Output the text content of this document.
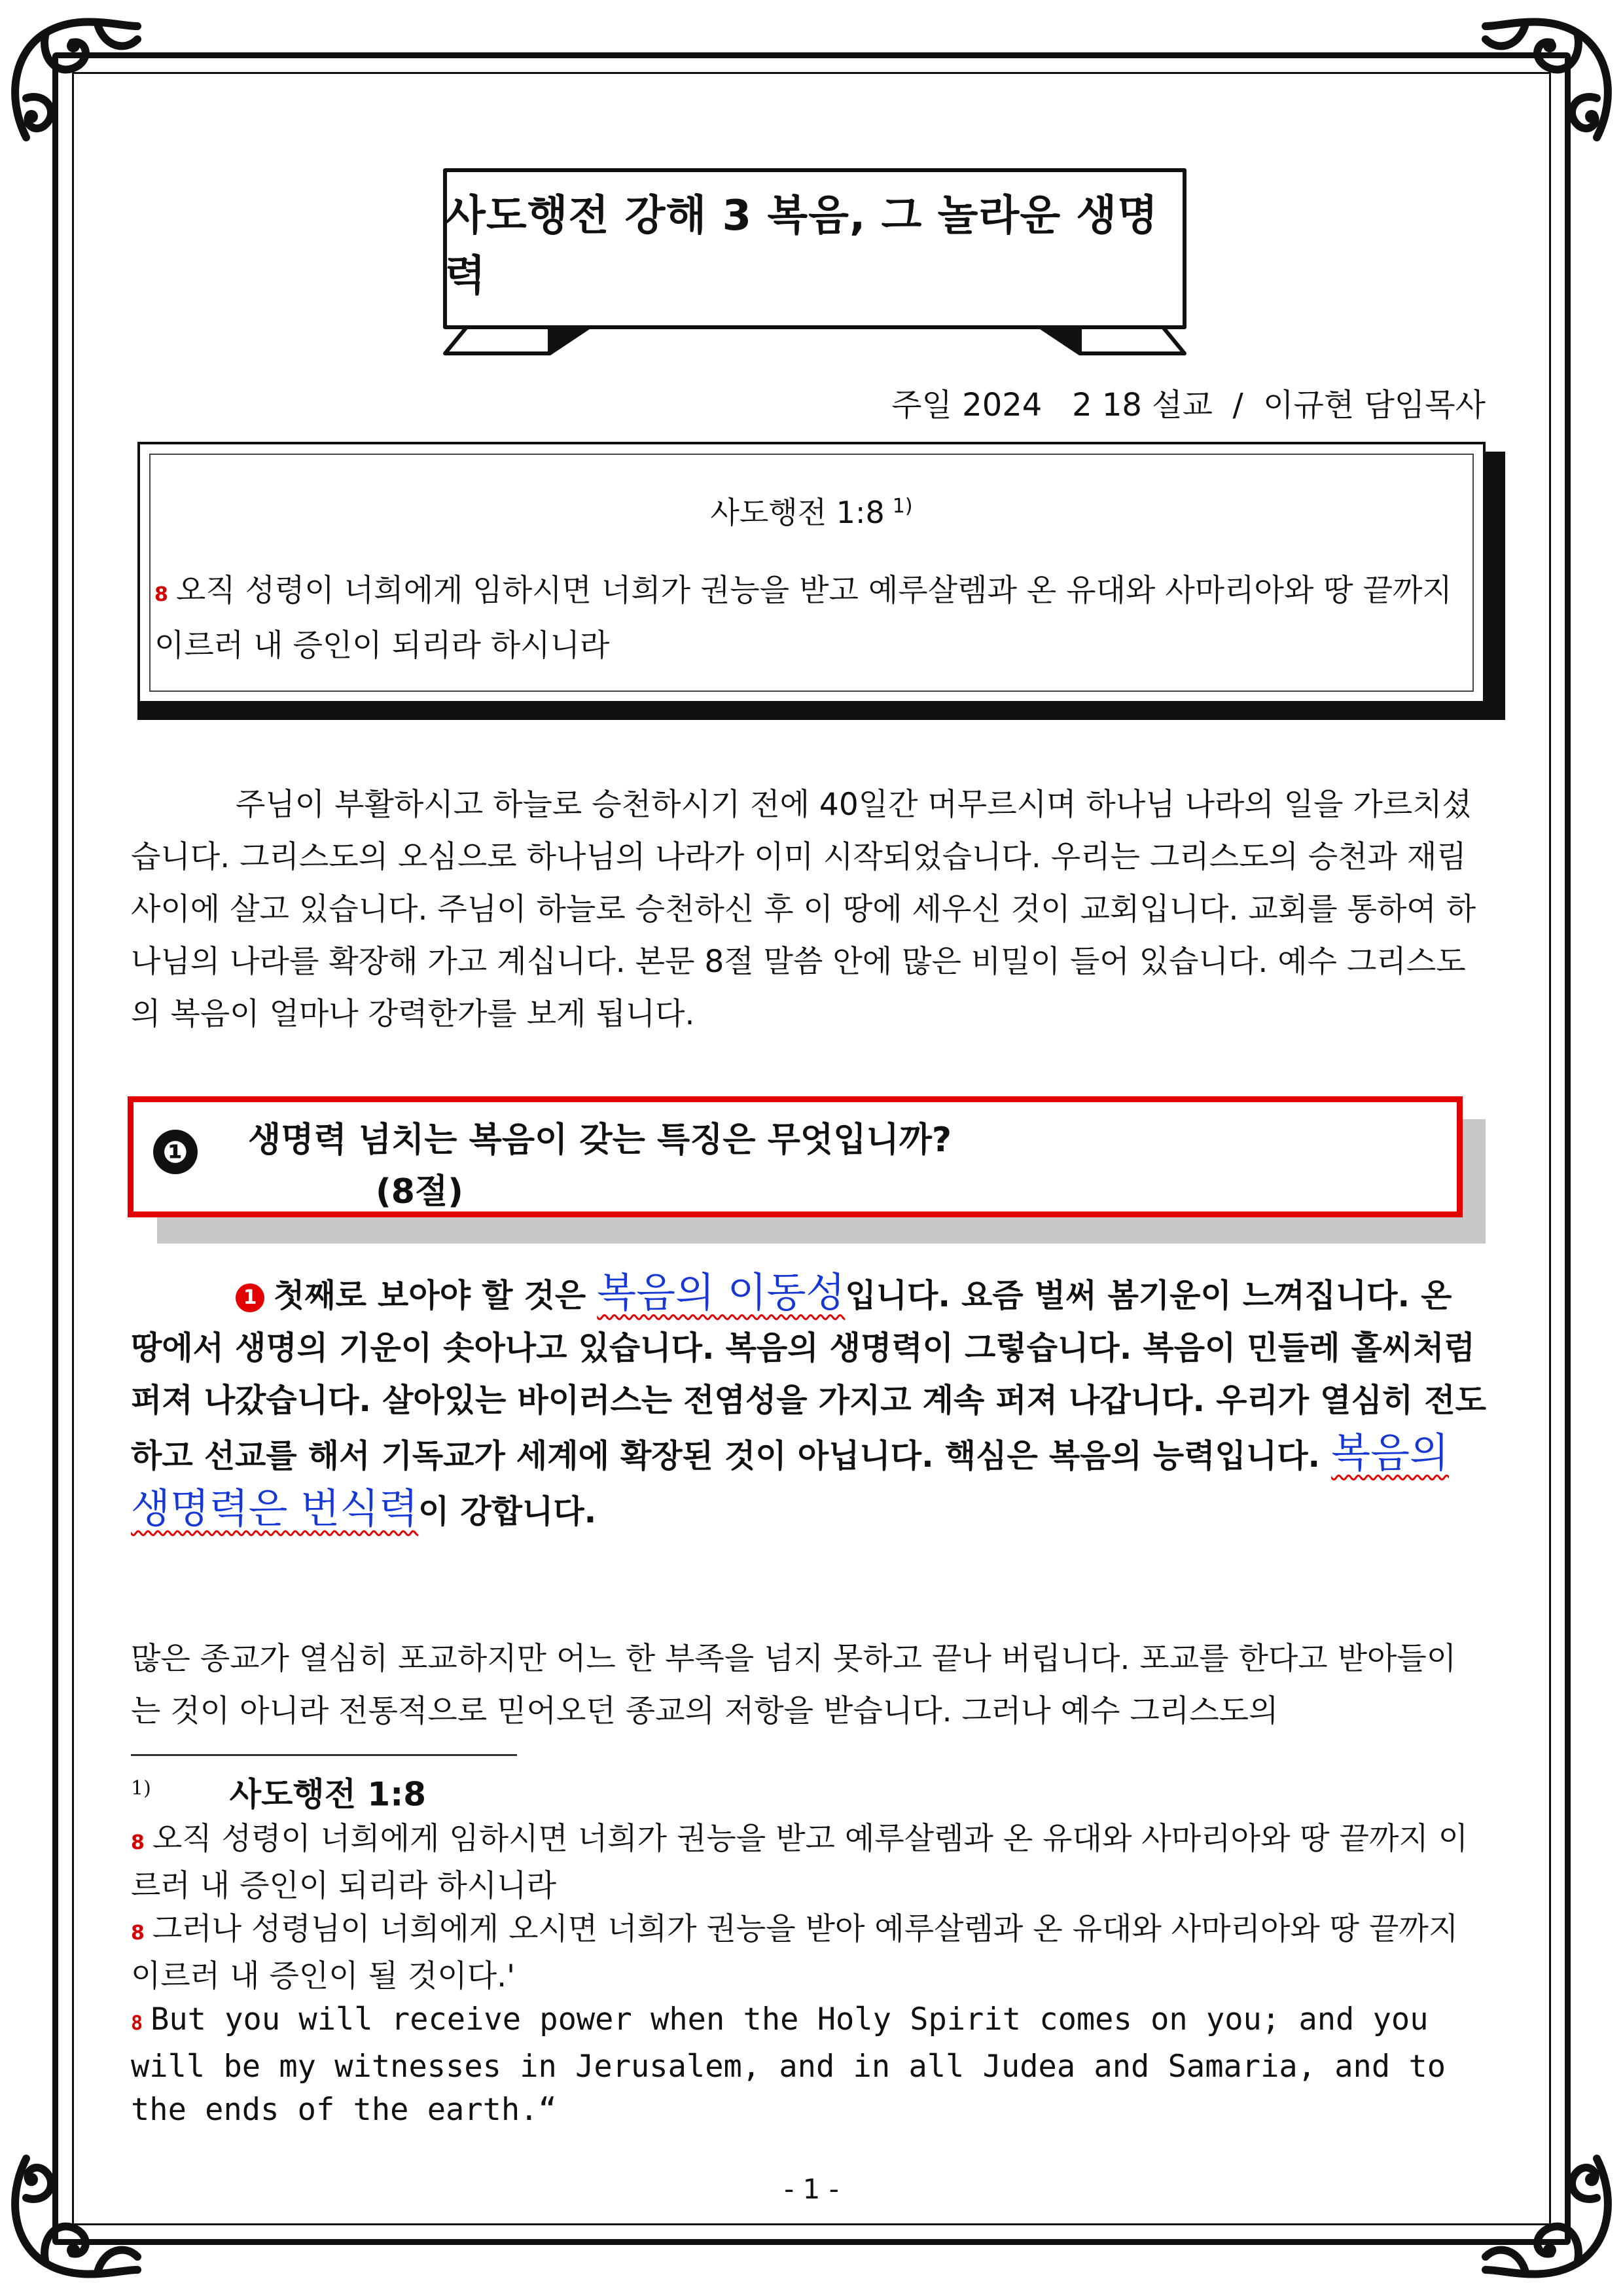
사도행전 강해 3 복음, 그 놀라운 생명력
주일 2024   2 18 설교  /  이규현 담임목사
사도행전 1:8 $^{1)}$
8 오직 성령이 너희에게 임하시면 너희가 권능을 받고 예루살렘과 온 유대와 사마리아와 땅 끝까지 이르러 내 증인이 되리라 하시니라
주님이 부활하시고 하늘로 승천하시기 전에 40일간 머무르시며 하나님 나라의 일을 가르치셨습니다. 그리스도의 오심으로 하나님의 나라가 이미 시작되었습니다. 우리는 그리스도의 승천과 재림 사이에 살고 있습니다. 주님이 하늘로 승천하신 후 이 땅에 세우신 것이 교회입니다. 교회를 통하여 하나님의 나라를 확장해 가고 계십니다. 본문 8절 말씀 안에 많은 비밀이 들어 있습니다. 예수 그리스도의 복음이 얼마나 강력한가를 보게 됩니다.
❶ 생명력 넘치는 복음이 갖는 특징은 무엇입니까?
(8절)
1 첫째로 보아야 할 것은 복음의 이동성입니다. 요즘 벌써 봄기운이 느껴집니다. 온 땅에서 생명의 기운이 솟아나고 있습니다. 복음의 생명력이 그렇습니다. 복음이 민들레 홀씨처럼 퍼져 나갔습니다. 살아있는 바이러스는 전염성을 가지고 계속 퍼져 나갑니다. 우리가 열심히 전도하고 선교를 해서 기독교가 세계에 확장된 것이 아닙니다. 핵심은 복음의 능력입니다. 복음의 생명력은 번식력이 강합니다.
많은 종교가 열심히 포교하지만 어느 한 부족을 넘지 못하고 끝나 버립니다. 포교를 한다고 받아들이는 것이 아니라 전통적으로 믿어오던 종교의 저항을 받습니다. 그러나 예수 그리스도의
$^{1)}$ 사도행전 1:8
8 오직 성령이 너희에게 임하시면 너희가 권능을 받고 예루살렘과 온 유대와 사마리아와 땅 끝까지 이르러 내 증인이 되리라 하시니라
8 그러나 성령님이 너희에게 오시면 너희가 권능을 받아 예루살렘과 온 유대와 사마리아와 땅 끝까지 이르러 내 증인이 될 것이다.'
8 But you will receive power when the Holy Spirit comes on you; and you will be my witnesses in Jerusalem, and in all Judea and Samaria, and to the ends of the earth.“
- 1 -
